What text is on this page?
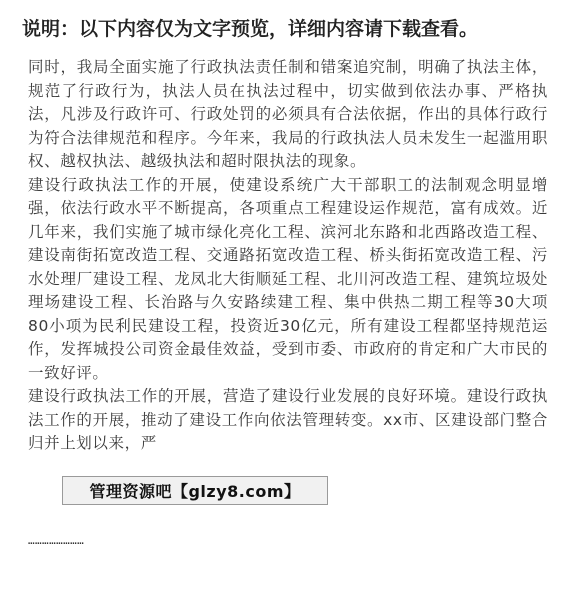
说明：以下内容仅为文字预览，详细内容请下载查看。

同时，我局全面实施了行政执法责任制和错案追究制，明确了执法主体，规范了行政行为，执法人员在执法过程中，切实做到依法办事、严格执法，凡涉及行政许可、行政处罚的必须具有合法依据，作出的具体行政行为符合法律规范和程序。今年来，我局的行政执法人员未发生一起滥用职权、越权执法、越级执法和超时限执法的现象。

建设行政执法工作的开展，使建设系统广大干部职工的法制观念明显增强，依法行政水平不断提高，各项重点工程建设运作规范，富有成效。近几年来，我们实施了城市绿化亮化工程、滨河北东路和北西路改造工程、建设南街拓宽改造工程、交通路拓宽改造工程、桥头街拓宽改造工程、污水处理厂建设工程、龙凤北大街顺延工程、北川河改造工程、建筑垃圾处理场建设工程、长治路与久安路续建工程、集中供热二期工程等30大项80小项为民利民建设工程，投资近30亿元，所有建设工程都坚持规范运作，发挥城投公司资金最佳效益，受到市委、市政府的肯定和广大市民的一致好评。

建设行政执法工作的开展，营造了建设行业发展的良好环境。建设行政执法工作的开展，推动了建设工作向依法管理转变。xx市、区建设部门整合归并上划以来，严

……………………
管理资源吧【glzy8.com】
